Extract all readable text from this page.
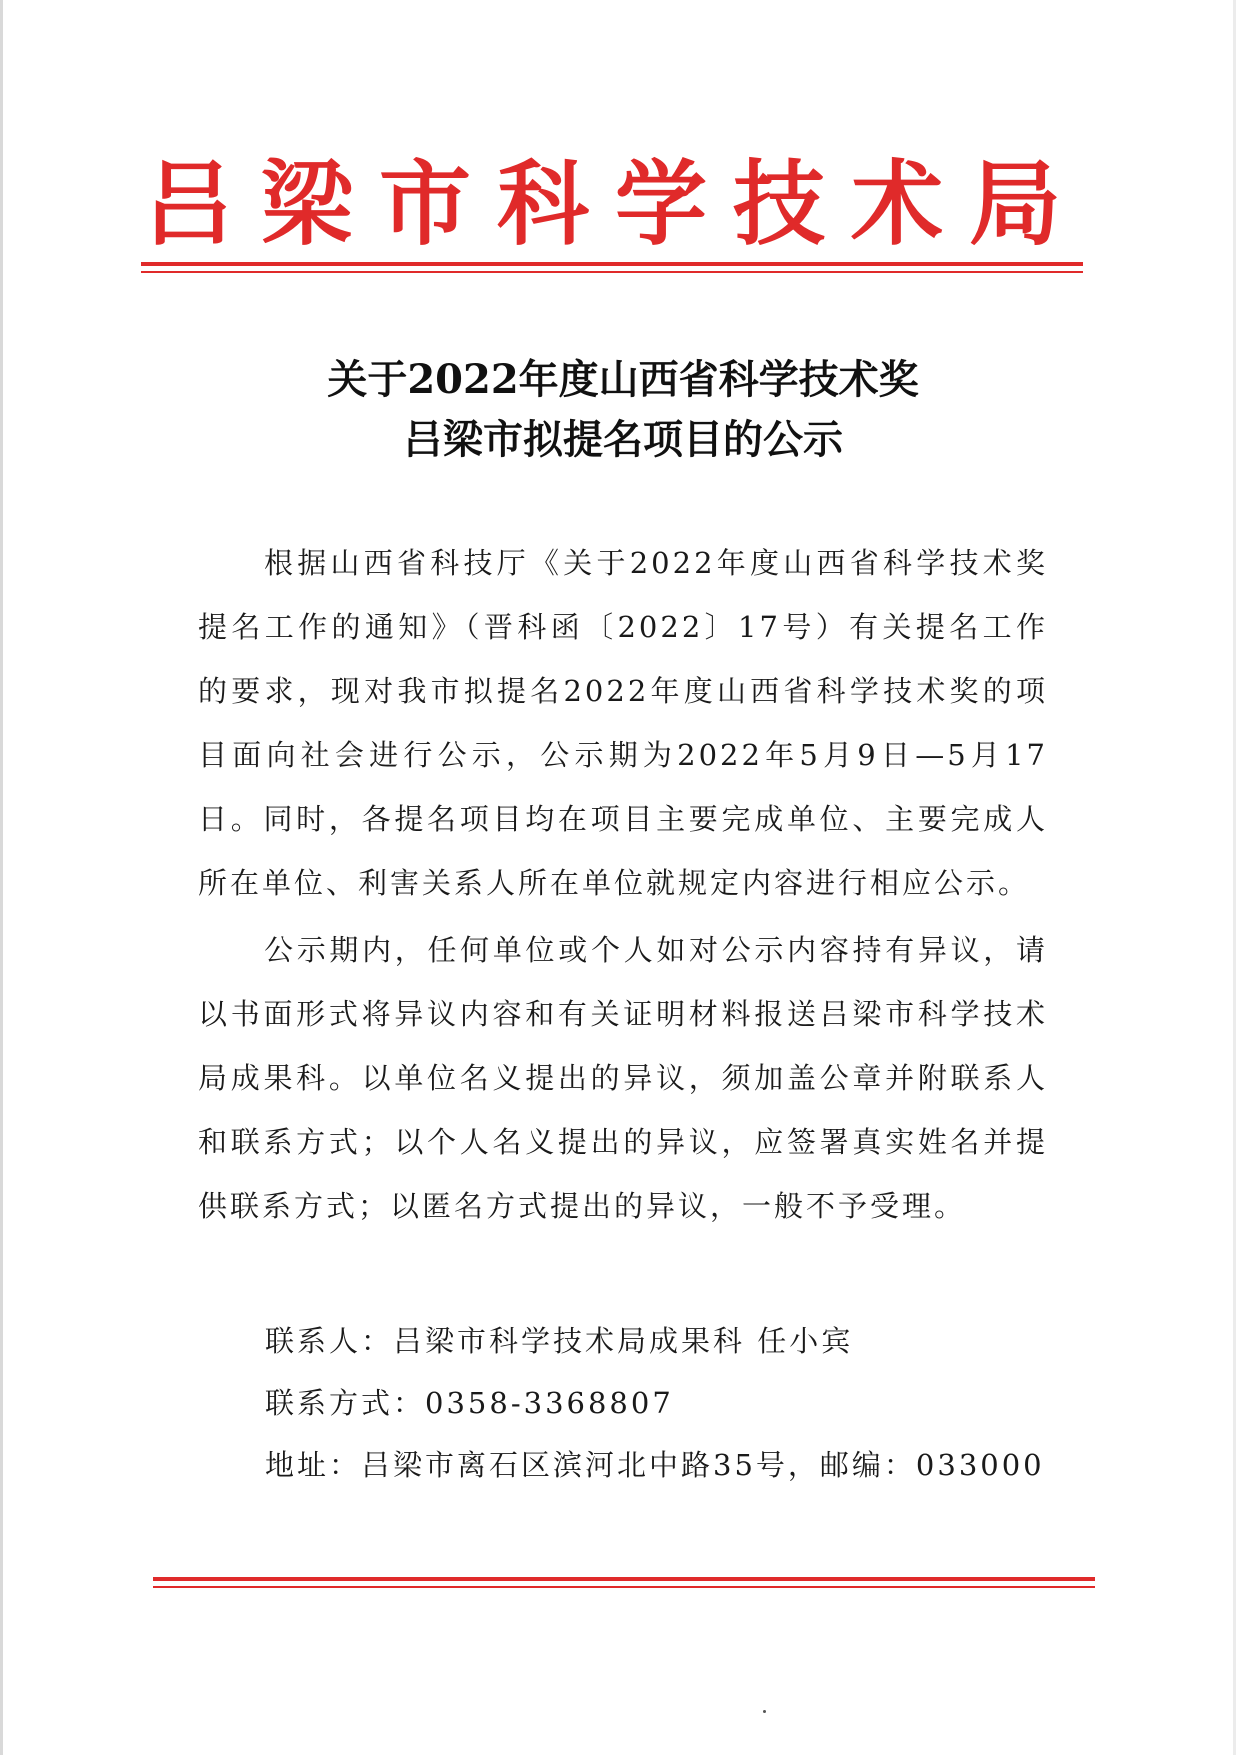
吕梁市科学技术局
关于2022年度山西省科学技术奖
吕梁市拟提名项目的公示
根据山西省科技厅《关于2022年度山西省科学技术奖提名工作的通知》（晋科函〔2022〕17号）有关提名工作的要求，现对我市拟提名2022年度山西省科学技术奖的项目面向社会进行公示，公示期为2022年5月9日—5月17日。同时，各提名项目均在项目主要完成单位、主要完成人所在单位、利害关系人所在单位就规定内容进行相应公示。
公示期内，任何单位或个人如对公示内容持有异议，请以书面形式将异议内容和有关证明材料报送吕梁市科学技术局成果科。以单位名义提出的异议，须加盖公章并附联系人和联系方式；以个人名义提出的异议，应签署真实姓名并提供联系方式；以匿名方式提出的异议，一般不予受理。
联系人：吕梁市科学技术局成果科 任小宾
联系方式：0358-3368807
地址：吕梁市离石区滨河北中路35号，邮编：033000
